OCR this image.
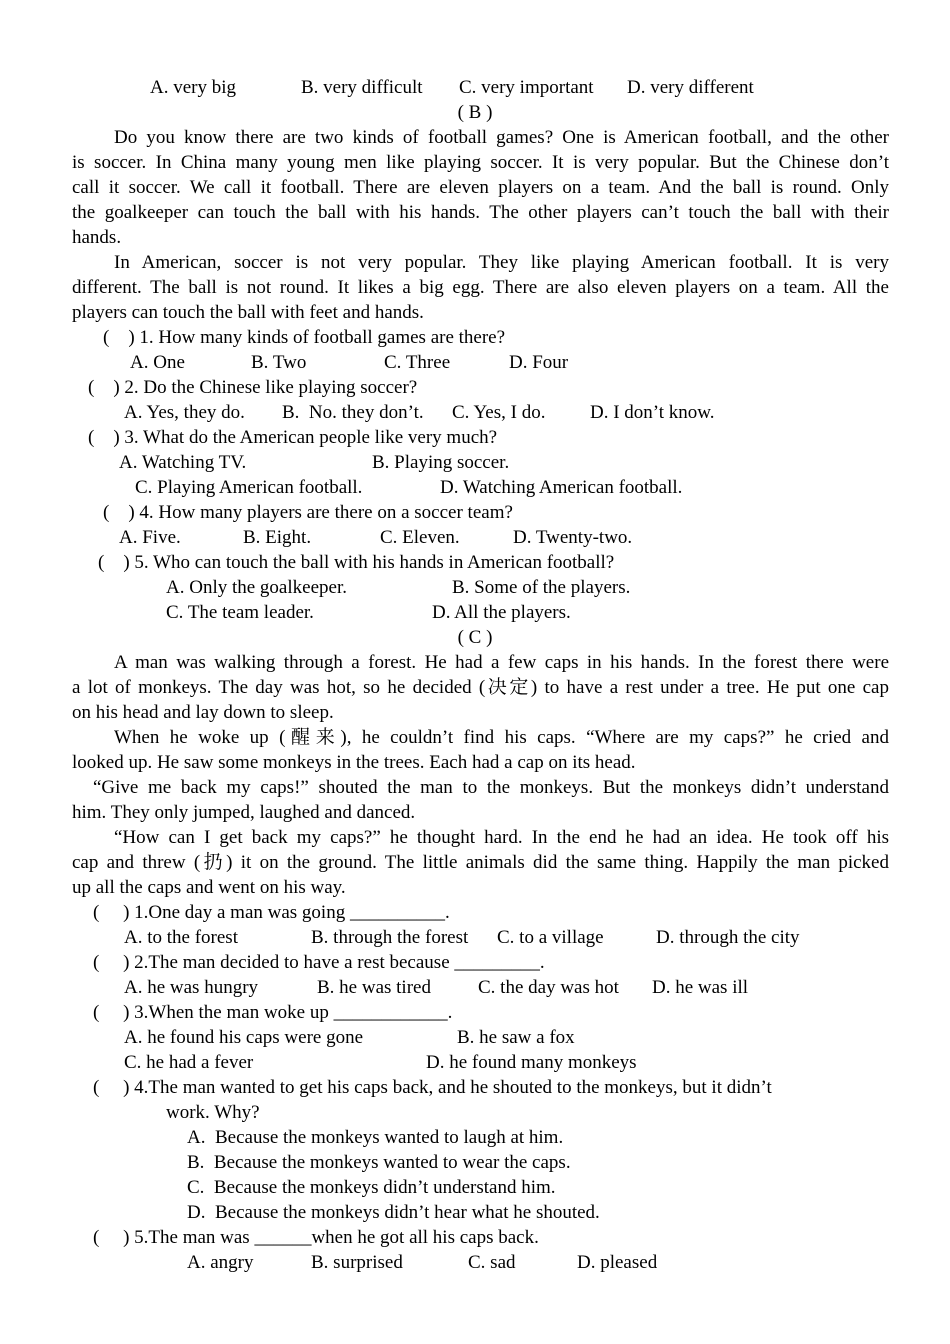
A. very big	B. very difficult C. very important D. very different
( B )
Do you know there are two kinds of football games? One is American football, and the other
is soccer. In China many young men like playing soccer. It is very popular. But the Chinese don’t
call it soccer. We call it football. There are eleven players on a team. And the ball is round. Only
the goalkeeper can touch the ball with his hands. The other players can’t touch the ball with their
hands.
In American, soccer is not very popular. They like playing American football. It is very
different. The ball is not round. It likes a big egg. There are also eleven players on a team. All the
players can touch the ball with feet and hands.
(    ) 1. How many kinds of football games are there?
A. One	B. Two	C. Three	D. Four
(    ) 2. Do the Chinese like playing soccer?
A. Yes, they do. B.  No. they don’t. C. Yes, I do. D. I don’t know.
(    ) 3. What do the American people like very much?
A. Watching TV.	B. Playing soccer.
C. Playing American football.	D. Watching American football.
(    ) 4. How many players are there on a soccer team?
A. Five.	B. Eight.	C. Eleven.	D. Twenty-two.
(    ) 5. Who can touch the ball with his hands in American football?
A. Only the goalkeeper.	B. Some of the players.
C. The team leader.	D. All the players.
( C )
A man was walking through a forest. He had a few caps in his hands. In the forest there were
a lot of monkeys. The day was hot, so he decided (决定) to have a rest under a tree. He put one cap
on his head and lay down to sleep.
When he woke up (醒来), he couldn’t find his caps. “Where are my caps?” he cried and
looked up. He saw some monkeys in the trees. Each had a cap on its head.
“Give me back my caps!” shouted the man to the monkeys. But the monkeys didn’t understand
him. They only jumped, laughed and danced.
“How can I get back my caps?” he thought hard. In the end he had an idea. He took off his
cap and threw (扔) it on the ground. The little animals did the same thing. Happily the man picked
up all the caps and went on his way.
(     ) 1.One day a man was going __________.
A. to the forest	B. through the forest C. to a village	D. through the city
(     ) 2.The man decided to have a rest because _________.
A. he was hungry	B. he was tired C. the day was hot D. he was ill
(     ) 3.When the man woke up ____________.
A. he found his caps were gone	B. he saw a fox
C. he had a fever	D. he found many monkeys
(     ) 4.The man wanted to get his caps back, and he shouted to the monkeys, but it didn’t
work. Why?
A.  Because the monkeys wanted to laugh at him.
B.  Because the monkeys wanted to wear the caps.
C.  Because the monkeys didn’t understand him.
D.  Because the monkeys didn’t hear what he shouted.
(     ) 5.The man was ______when he got all his caps back.
A. angry	B. surprised	C. sad	D. pleased
